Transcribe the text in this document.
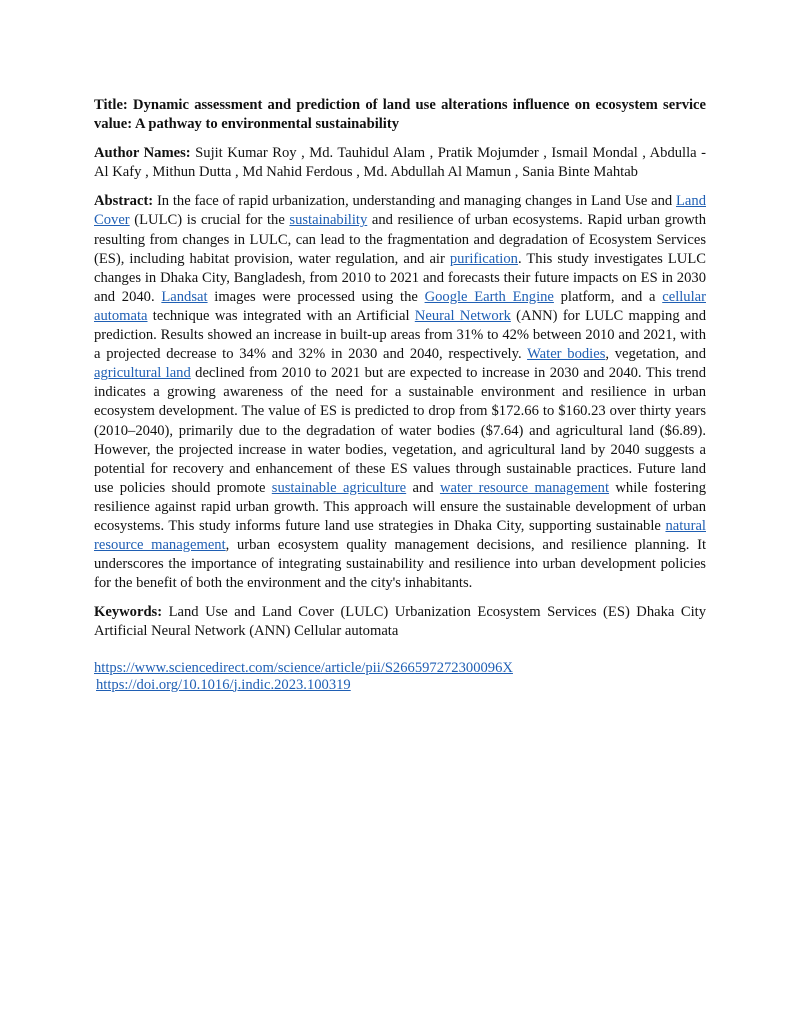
Title: Dynamic assessment and prediction of land use alterations influence on ecosystem service value: A pathway to environmental sustainability

Author Names: Sujit Kumar Roy , Md. Tauhidul Alam , Pratik Mojumder , Ismail Mondal , Abdulla - Al Kafy , Mithun Dutta , Md Nahid Ferdous , Md. Abdullah Al Mamun , Sania Binte Mahtab

Abstract: In the face of rapid urbanization, understanding and managing changes in Land Use and Land Cover (LULC) is crucial for the sustainability and resilience of urban ecosystems. Rapid urban growth resulting from changes in LULC, can lead to the fragmentation and degradation of Ecosystem Services (ES), including habitat provision, water regulation, and air purification. This study investigates LULC changes in Dhaka City, Bangladesh, from 2010 to 2021 and forecasts their future impacts on ES in 2030 and 2040. Landsat images were processed using the Google Earth Engine platform, and a cellular automata technique was integrated with an Artificial Neural Network (ANN) for LULC mapping and prediction. Results showed an increase in built-up areas from 31% to 42% between 2010 and 2021, with a projected decrease to 34% and 32% in 2030 and 2040, respectively. Water bodies, vegetation, and agricultural land declined from 2010 to 2021 but are expected to increase in 2030 and 2040. This trend indicates a growing awareness of the need for a sustainable environment and resilience in urban ecosystem development. The value of ES is predicted to drop from $172.66 to $160.23 over thirty years (2010–2040), primarily due to the degradation of water bodies ($7.64) and agricultural land ($6.89). However, the projected increase in water bodies, vegetation, and agricultural land by 2040 suggests a potential for recovery and enhancement of these ES values through sustainable practices. Future land use policies should promote sustainable agriculture and water resource management while fostering resilience against rapid urban growth. This approach will ensure the sustainable development of urban ecosystems. This study informs future land use strategies in Dhaka City, supporting sustainable natural resource management, urban ecosystem quality management decisions, and resilience planning. It underscores the importance of integrating sustainability and resilience into urban development policies for the benefit of both the environment and the city's inhabitants.

Keywords: Land Use and Land Cover (LULC) Urbanization Ecosystem Services (ES) Dhaka City Artificial Neural Network (ANN) Cellular automata

https://www.sciencedirect.com/science/article/pii/S266597272300096X
https://doi.org/10.1016/j.indic.2023.100319
